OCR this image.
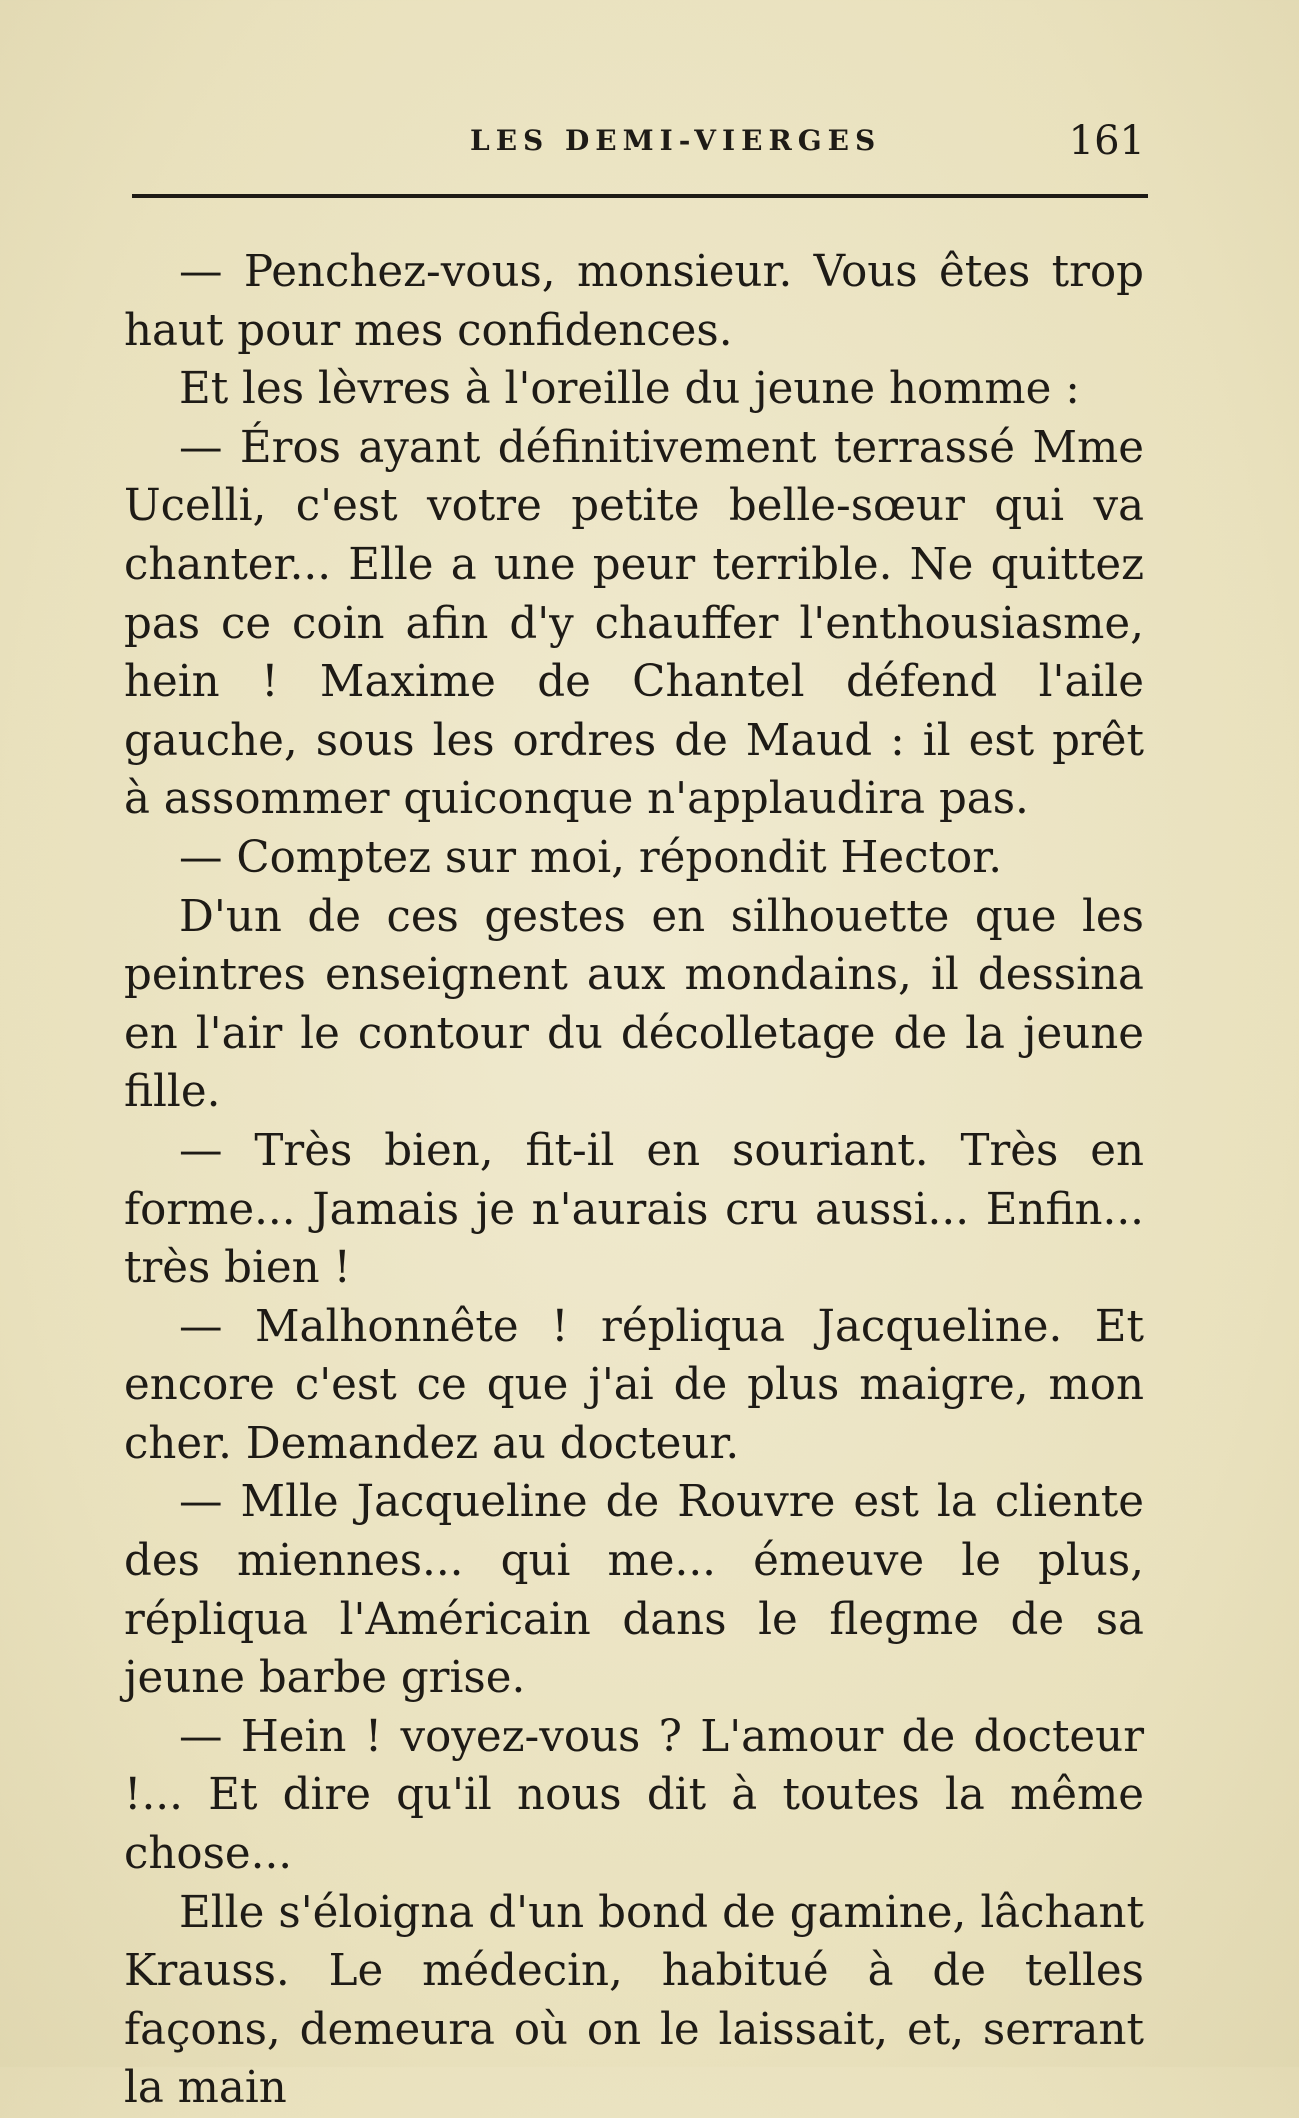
LES DEMI-VIERGES	161

— Penchez-vous, monsieur. Vous êtes trop haut pour mes confidences.

Et les lèvres à l'oreille du jeune homme :

— Éros ayant définitivement terrassé Mme Ucelli, c'est votre petite belle-sœur qui va chanter... Elle a une peur terrible. Ne quittez pas ce coin afin d'y chauffer l'enthousiasme, hein ! Maxime de Chantel défend l'aile gauche, sous les ordres de Maud : il est prêt à assommer quiconque n'applaudira pas.

— Comptez sur moi, répondit Hector.

D'un de ces gestes en silhouette que les peintres enseignent aux mondains, il dessina en l'air le contour du décolletage de la jeune fille.

— Très bien, fit-il en souriant. Très en forme... Jamais je n'aurais cru aussi... Enfin... très bien !

— Malhonnête ! répliqua Jacqueline. Et encore c'est ce que j'ai de plus maigre, mon cher. Demandez au docteur.

— Mlle Jacqueline de Rouvre est la cliente des miennes... qui me... émeuve le plus, répliqua l'Américain dans le flegme de sa jeune barbe grise.

— Hein ! voyez-vous ? L'amour de docteur !... Et dire qu'il nous dit à toutes la même chose...

Elle s'éloigna d'un bond de gamine, lâchant Krauss. Le médecin, habitué à de telles façons, demeura où on le laissait, et, serrant la main
